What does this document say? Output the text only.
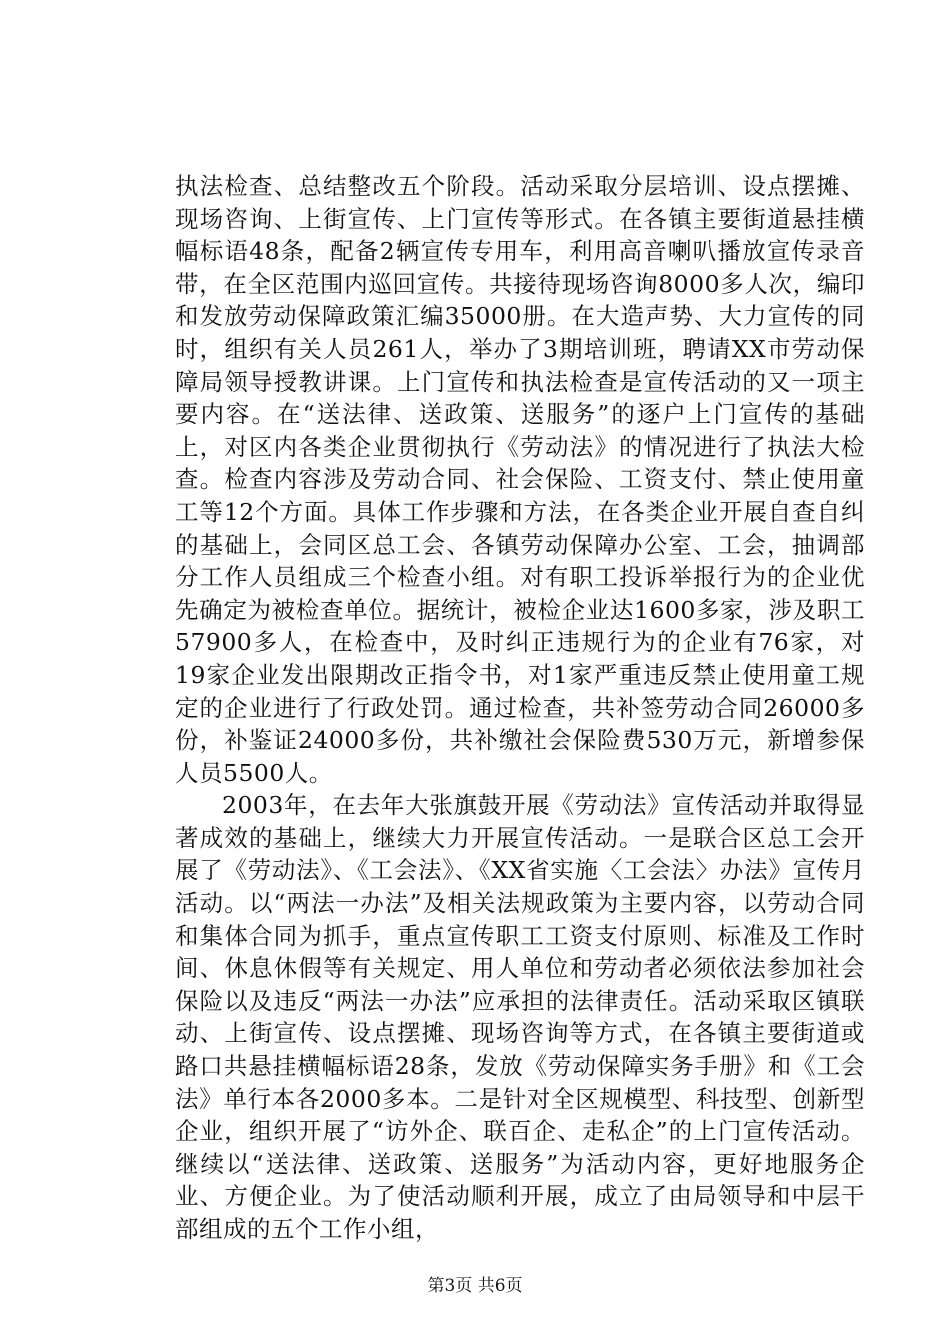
执法检查、总结整改五个阶段。活动采取分层培训、设点摆摊、现场咨询、上街宣传、上门宣传等形式。在各镇主要街道悬挂横幅标语48条，配备2辆宣传专用车，利用高音喇叭播放宣传录音带，在全区范围内巡回宣传。共接待现场咨询8000多人次，编印和发放劳动保障政策汇编35000册。在大造声势、大力宣传的同时，组织有关人员261人，举办了3期培训班，聘请XX市劳动保障局领导授教讲课。上门宣传和执法检查是宣传活动的又一项主要内容。在“送法律、送政策、送服务”的逐户上门宣传的基础上，对区内各类企业贯彻执行《劳动法》的情况进行了执法大检查。检查内容涉及劳动合同、社会保险、工资支付、禁止使用童工等12个方面。具体工作步骤和方法，在各类企业开展自查自纠的基础上，会同区总工会、各镇劳动保障办公室、工会，抽调部分工作人员组成三个检查小组。对有职工投诉举报行为的企业优先确定为被检查单位。据统计，被检企业达1600多家，涉及职工57900多人，在检查中，及时纠正违规行为的企业有76家，对19家企业发出限期改正指令书，对1家严重违反禁止使用童工规定的企业进行了行政处罚。通过检查，共补签劳动合同26000多份，补鉴证24000多份，共补缴社会保险费530万元，新增参保人员5500人。

2003年，在去年大张旗鼓开展《劳动法》宣传活动并取得显著成效的基础上，继续大力开展宣传活动。一是联合区总工会开展了《劳动法》、《工会法》、《XX省实施〈工会法〉办法》宣传月活动。以“两法一办法”及相关法规政策为主要内容，以劳动合同和集体合同为抓手，重点宣传职工工资支付原则、标准及工作时间、休息休假等有关规定、用人单位和劳动者必须依法参加社会保险以及违反“两法一办法”应承担的法律责任。活动采取区镇联动、上街宣传、设点摆摊、现场咨询等方式，在各镇主要街道或路口共悬挂横幅标语28条，发放《劳动保障实务手册》和《工会法》单行本各2000多本。二是针对全区规模型、科技型、创新型企业，组织开展了“访外企、联百企、走私企”的上门宣传活动。继续以“送法律、送政策、送服务”为活动内容，更好地服务企业、方便企业。为了使活动顺利开展，成立了由局领导和中层干部组成的五个工作小组，

第3页 共6页
